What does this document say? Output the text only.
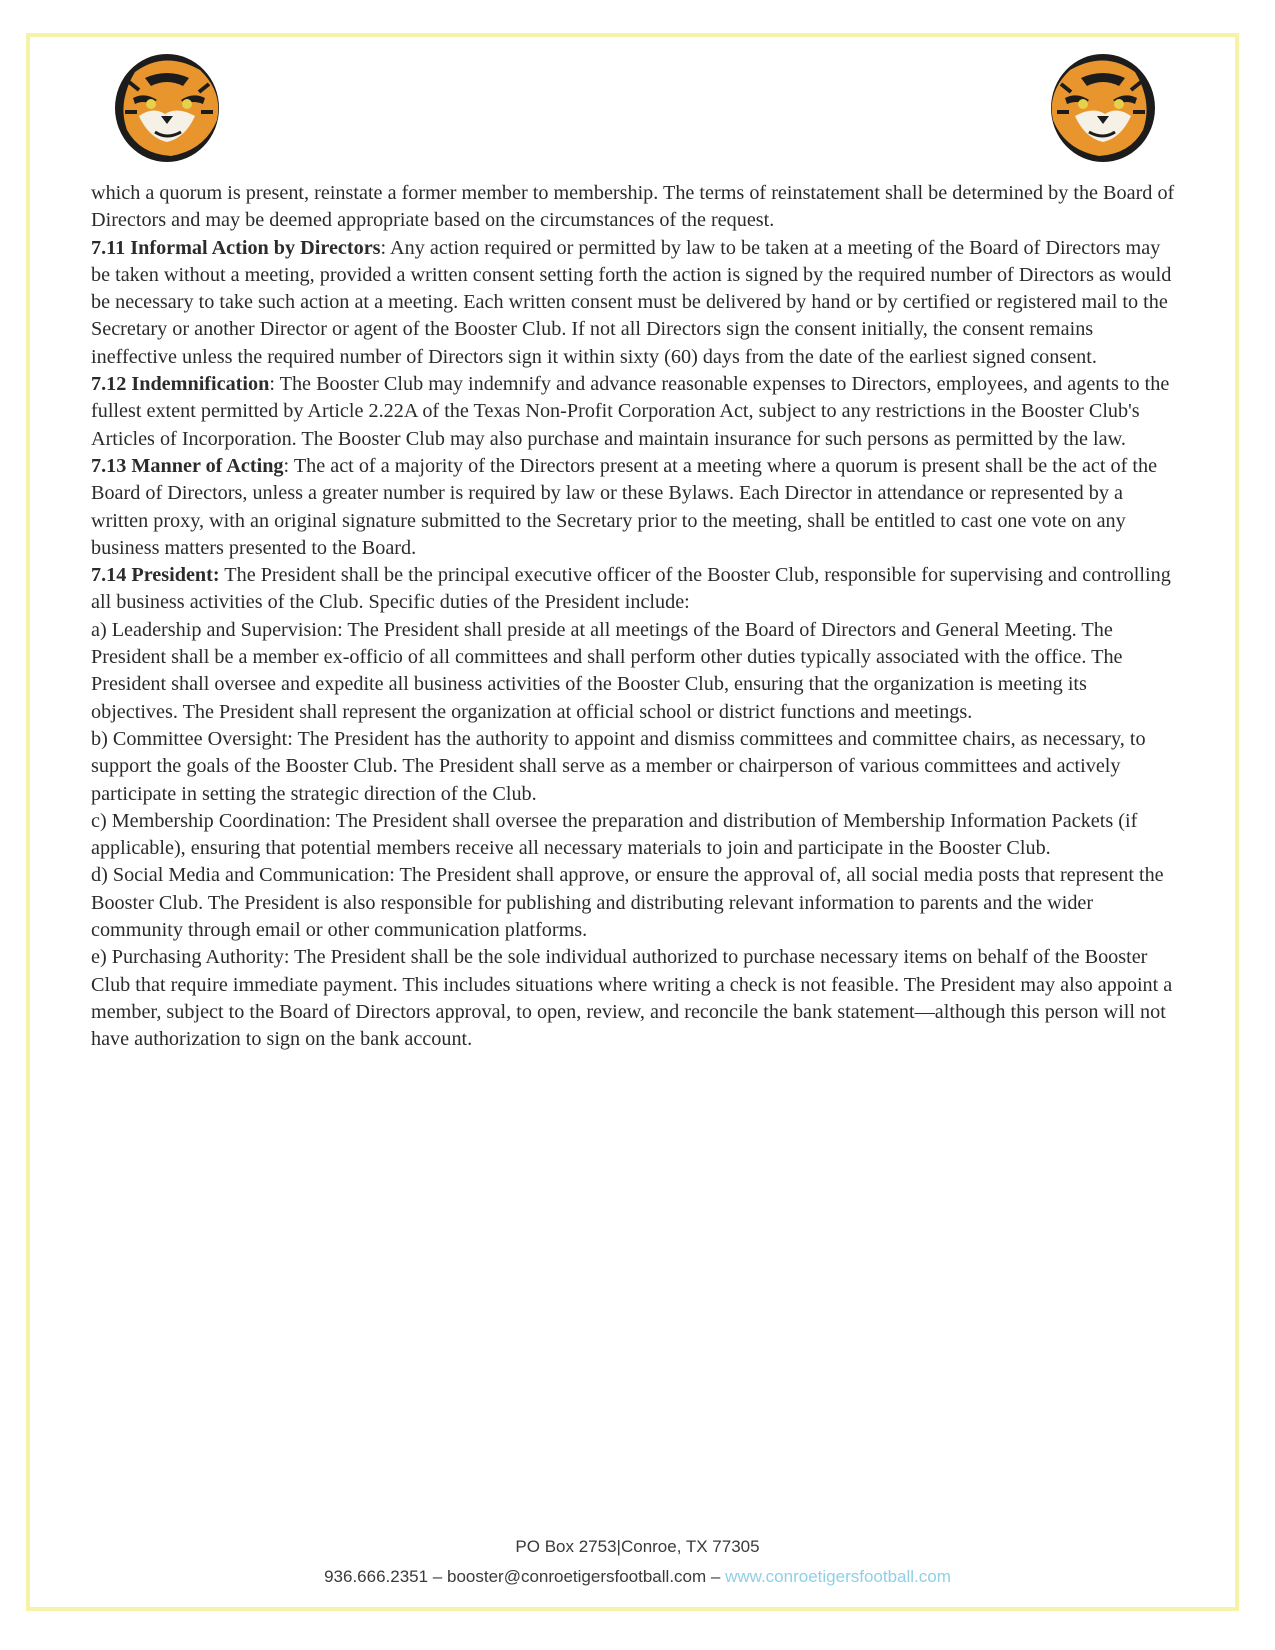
which a quorum is present, reinstate a former member to membership. The terms of reinstatement shall be determined by the Board of Directors and may be deemed appropriate based on the circumstances of the request.

7.11 Informal Action by Directors: Any action required or permitted by law to be taken at a meeting of the Board of Directors may be taken without a meeting, provided a written consent setting forth the action is signed by the required number of Directors as would be necessary to take such action at a meeting. Each written consent must be delivered by hand or by certified or registered mail to the Secretary or another Director or agent of the Booster Club. If not all Directors sign the consent initially, the consent remains ineffective unless the required number of Directors sign it within sixty (60) days from the date of the earliest signed consent.

7.12 Indemnification: The Booster Club may indemnify and advance reasonable expenses to Directors, employees, and agents to the fullest extent permitted by Article 2.22A of the Texas Non-Profit Corporation Act, subject to any restrictions in the Booster Club's Articles of Incorporation. The Booster Club may also purchase and maintain insurance for such persons as permitted by the law.

7.13 Manner of Acting: The act of a majority of the Directors present at a meeting where a quorum is present shall be the act of the Board of Directors, unless a greater number is required by law or these Bylaws. Each Director in attendance or represented by a written proxy, with an original signature submitted to the Secretary prior to the meeting, shall be entitled to cast one vote on any business matters presented to the Board.

7.14 President: The President shall be the principal executive officer of the Booster Club, responsible for supervising and controlling all business activities of the Club. Specific duties of the President include:

a) Leadership and Supervision: The President shall preside at all meetings of the Board of Directors and General Meeting. The President shall be a member ex-officio of all committees and shall perform other duties typically associated with the office. The President shall oversee and expedite all business activities of the Booster Club, ensuring that the organization is meeting its objectives. The President shall represent the organization at official school or district functions and meetings.

b) Committee Oversight: The President has the authority to appoint and dismiss committees and committee chairs, as necessary, to support the goals of the Booster Club. The President shall serve as a member or chairperson of various committees and actively participate in setting the strategic direction of the Club.

c) Membership Coordination: The President shall oversee the preparation and distribution of Membership Information Packets (if applicable), ensuring that potential members receive all necessary materials to join and participate in the Booster Club.

d) Social Media and Communication: The President shall approve, or ensure the approval of, all social media posts that represent the Booster Club. The President is also responsible for publishing and distributing relevant information to parents and the wider community through email or other communication platforms.

e) Purchasing Authority: The President shall be the sole individual authorized to purchase necessary items on behalf of the Booster Club that require immediate payment. This includes situations where writing a check is not feasible. The President may also appoint a member, subject to the Board of Directors approval, to open, review, and reconcile the bank statement—although this person will not have authorization to sign on the bank account.

PO Box 2753|Conroe, TX 77305
936.666.2351 – booster@conroetigersfootball.com – www.conroetigersfootball.com
